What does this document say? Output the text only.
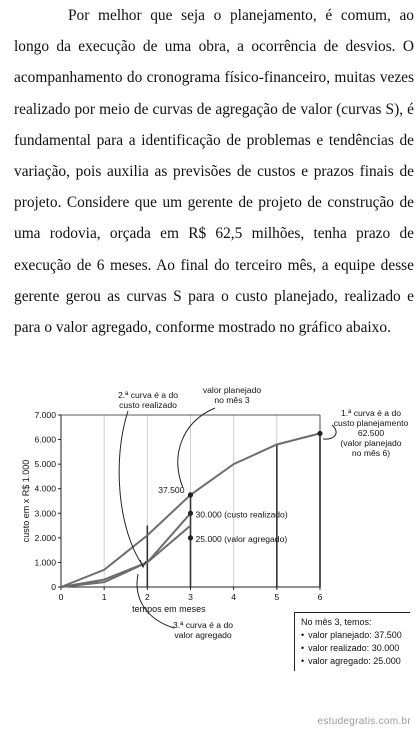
Por melhor que seja o planejamento, é comum, ao longo da execução de uma obra, a ocorrência de desvios. O acompanhamento do cronograma físico-financeiro, muitas vezes realizado por meio de curvas de agregação de valor (curvas S), é fundamental para a identificação de problemas e tendências de variação, pois auxilia as previsões de custos e prazos finais de projeto. Considere que um gerente de projeto de construção de uma rodovia, orçada em R$ 62,5 milhões, tenha prazo de execução de 6 meses. Ao final do terceiro mês, a equipe desse gerente gerou as curvas S para o custo planejado, realizado e para o valor agregado, conforme mostrado no gráfico abaixo.

0
1.000
2.000
3.000
4.000
5.000
6.000
7.000
0	1	2	3	4	5	6
37.500
30.000 (custo realizado)
25.000 (valor agregado)
2.ª curva é a do
custo realizado
valor planejado
no mês 3
1.ª curva é a do
custo planejamento
62.500
(valor planejado
no mês 6)
3.ª curva é a do
valor agregado
tempos em meses
custo em x R$ 1.000
No mês 3, temos:
• valor planejado: 37.500
• valor realizado: 30.000
• valor agregado: 25.000
estudegratis.com.br
